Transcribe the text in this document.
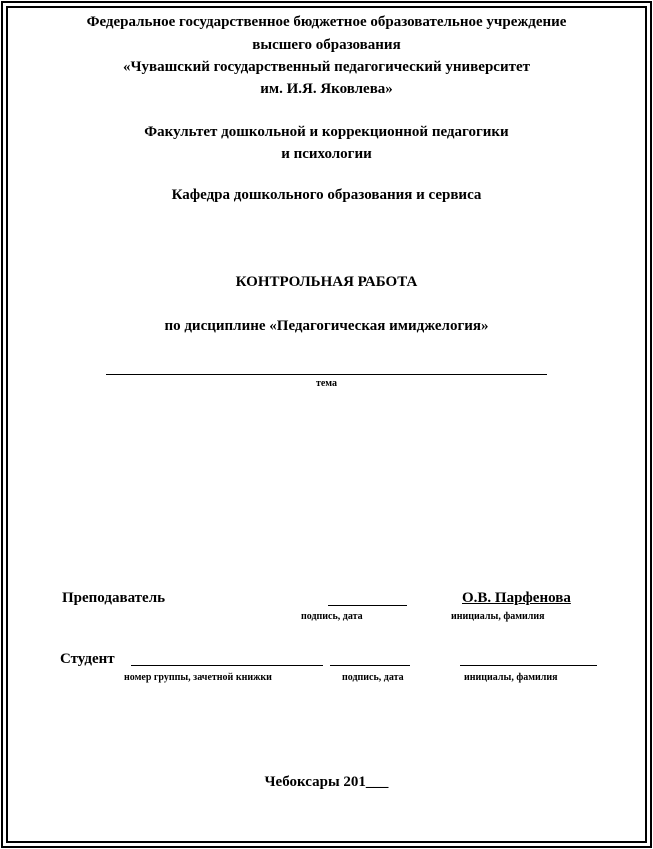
Федеральное государственное бюджетное образовательное учреждение
высшего образования
«Чувашский государственный педагогический университет
им. И.Я. Яковлева»
Факультет дошкольной и коррекционной педагогики
и психологии
Кафедра дошкольного образования и сервиса
КОНТРОЛЬНАЯ РАБОТА
по дисциплине «Педагогическая имиджелогия»
тема
Преподаватель	О.В. Парфенова
подпись, дата	инициалы, фамилия
Студент
номер группы, зачетной книжки	подпись, дата	инициалы, фамилия
Чебоксары 201___
